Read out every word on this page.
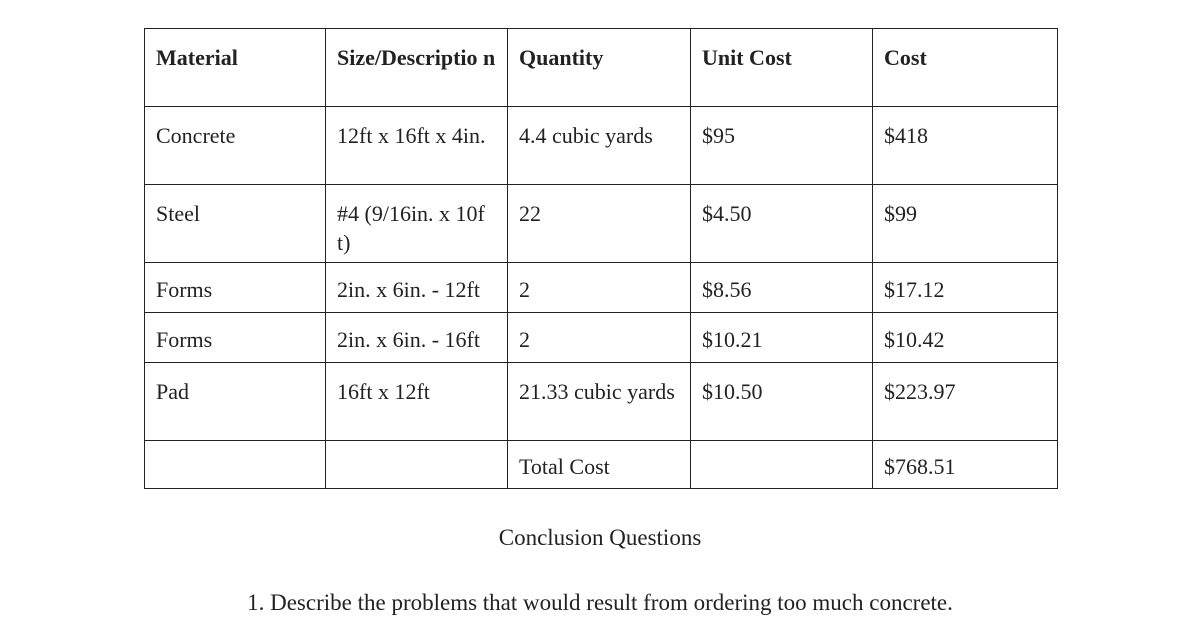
Material	Size/Descriptio n	Quantity	Unit Cost	Cost
Concrete	12ft x 16ft x 4in.	4.4 cubic yards	$95	$418
Steel	#4 (9/16in. x 10ft)	22	$4.50	$99
Forms	2in. x 6in. - 12ft	2	$8.56	$17.12
Forms	2in. x 6in. - 16ft	2	$10.21	$10.42
Pad	16ft x 12ft	21.33 cubic yards	$10.50	$223.97
		Total Cost		$768.51
Conclusion Questions
1. Describe the problems that would result from ordering too much concrete.
